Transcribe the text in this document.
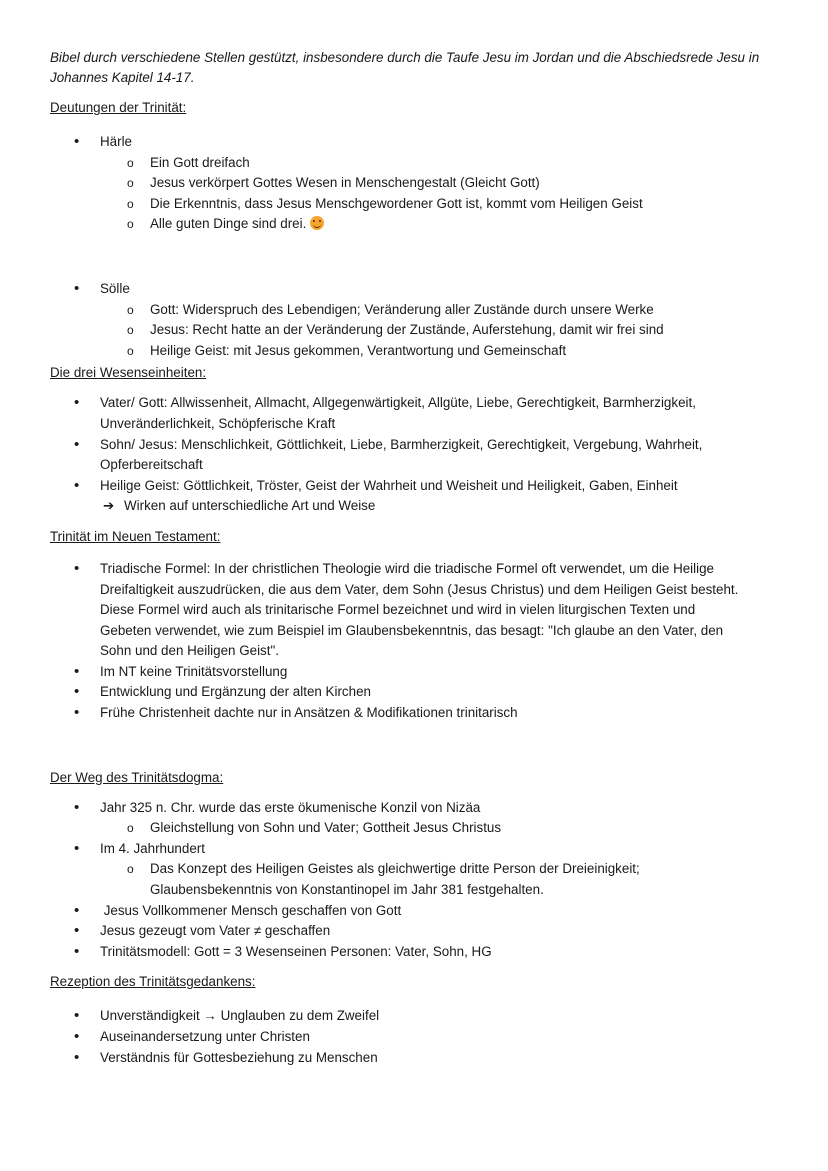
Bibel durch verschiedene Stellen gestützt, insbesondere durch die Taufe Jesu im Jordan und die Abschiedsrede Jesu in Johannes Kapitel 14-17.

Deutungen der Trinität:

• Härle
o Ein Gott dreifach
o Jesus verkörpert Gottes Wesen in Menschengestalt (Gleicht Gott)
o Die Erkenntnis, dass Jesus Menschgewordener Gott ist, kommt vom Heiligen Geist
o Alle guten Dinge sind drei.
• Sölle
o Gott: Widerspruch des Lebendigen; Veränderung aller Zustände durch unsere Werke
o Jesus: Recht hatte an der Veränderung der Zustände, Auferstehung, damit wir frei sind
o Heilige Geist: mit Jesus gekommen, Verantwortung und Gemeinschaft

Die drei Wesenseinheiten:

• Vater/ Gott: Allwissenheit, Allmacht, Allgegenwärtigkeit, Allgüte, Liebe, Gerechtigkeit, Barmherzigkeit,
Unveränderlichkeit, Schöpferische Kraft
• Sohn/ Jesus: Menschlichkeit, Göttlichkeit, Liebe, Barmherzigkeit, Gerechtigkeit, Vergebung, Wahrheit,
Opferbereitschaft
• Heilige Geist: Göttlichkeit, Tröster, Geist der Wahrheit und Weisheit und Heiligkeit, Gaben, Einheit
➔ Wirken auf unterschiedliche Art und Weise

Trinität im Neuen Testament:

• Triadische Formel: In der christlichen Theologie wird die triadische Formel oft verwendet, um die Heilige
Dreifaltigkeit auszudrücken, die aus dem Vater, dem Sohn (Jesus Christus) und dem Heiligen Geist besteht.
Diese Formel wird auch als trinitarische Formel bezeichnet und wird in vielen liturgischen Texten und
Gebeten verwendet, wie zum Beispiel im Glaubensbekenntnis, das besagt: "Ich glaube an den Vater, den
Sohn und den Heiligen Geist".
• Im NT keine Trinitätsvorstellung
• Entwicklung und Ergänzung der alten Kirchen
• Frühe Christenheit dachte nur in Ansätzen & Modifikationen trinitarisch

Der Weg des Trinitätsdogma:

• Jahr 325 n. Chr. wurde das erste ökumenische Konzil von Nizäa
o Gleichstellung von Sohn und Vater; Gottheit Jesus Christus
• Im 4. Jahrhundert
o Das Konzept des Heiligen Geistes als gleichwertige dritte Person der Dreieinigkeit;
Glaubensbekenntnis von Konstantinopel im Jahr 381 festgehalten.
•  Jesus Vollkommener Mensch geschaffen von Gott
• Jesus gezeugt vom Vater ≠ geschaffen
• Trinitätsmodell: Gott = 3 Wesenseinen Personen: Vater, Sohn, HG

Rezeption des Trinitätsgedankens:

• Unverständigkeit → Unglauben zu dem Zweifel
• Auseinandersetzung unter Christen
• Verständnis für Gottesbeziehung zu Menschen
